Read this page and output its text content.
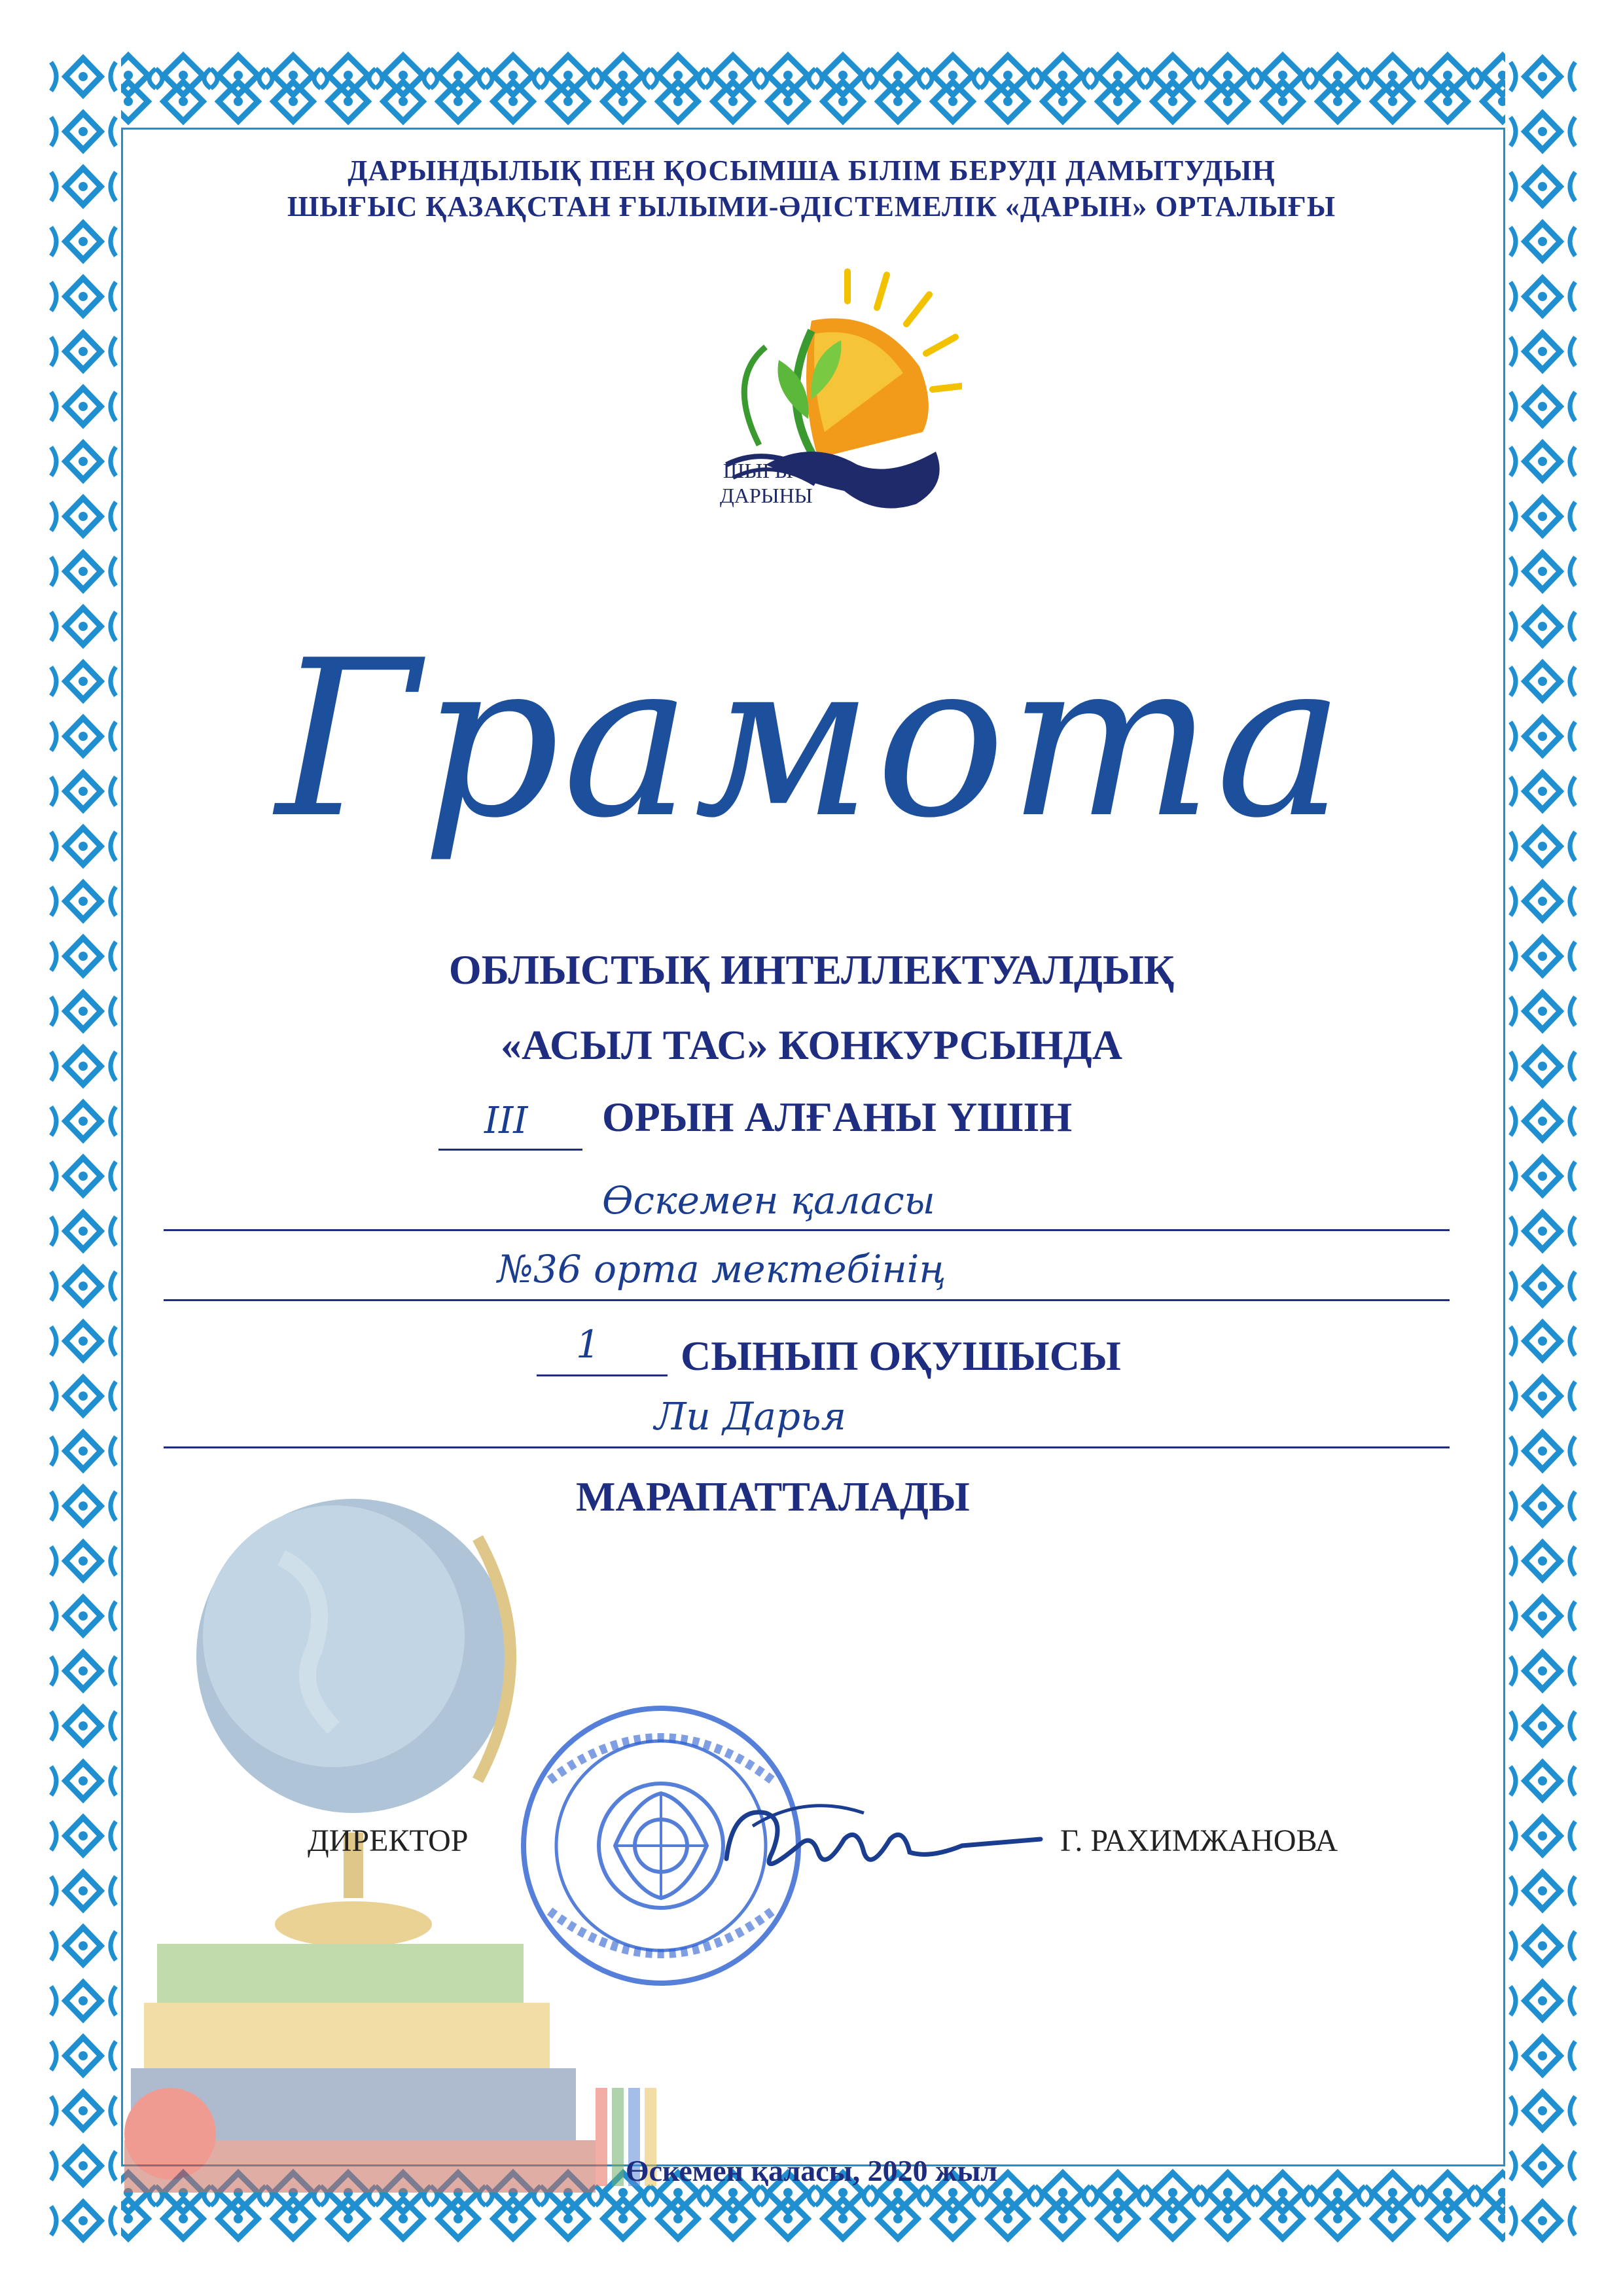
ДАРЫНДЫЛЫҚ ПЕН ҚОСЫМША БІЛІМ БЕРУДІ ДАМЫТУДЫҢ
ШЫҒЫС ҚАЗАҚСТАН ҒЫЛЫМИ-ӘДІСТЕМЕЛІК «ДАРЫН» ОРТАЛЫҒЫ
ШЫҒЫС
ДАРЫНЫ
Грамота
ОБЛЫСТЫҚ ИНТЕЛЛЕКТУАЛДЫҚ
«АСЫЛ ТАС» КОНКУРСЫНДА
III ОРЫН АЛҒАНЫ ҮШІН
Өскемен қаласы
№36 орта мектебінің
1 СЫНЫП ОҚУШЫСЫ
Ли Дарья
МАРАПАТТАЛАДЫ
ДИРЕКТОР	Г. РАХИМЖАНОВА
Өскемен қаласы, 2020 жыл
